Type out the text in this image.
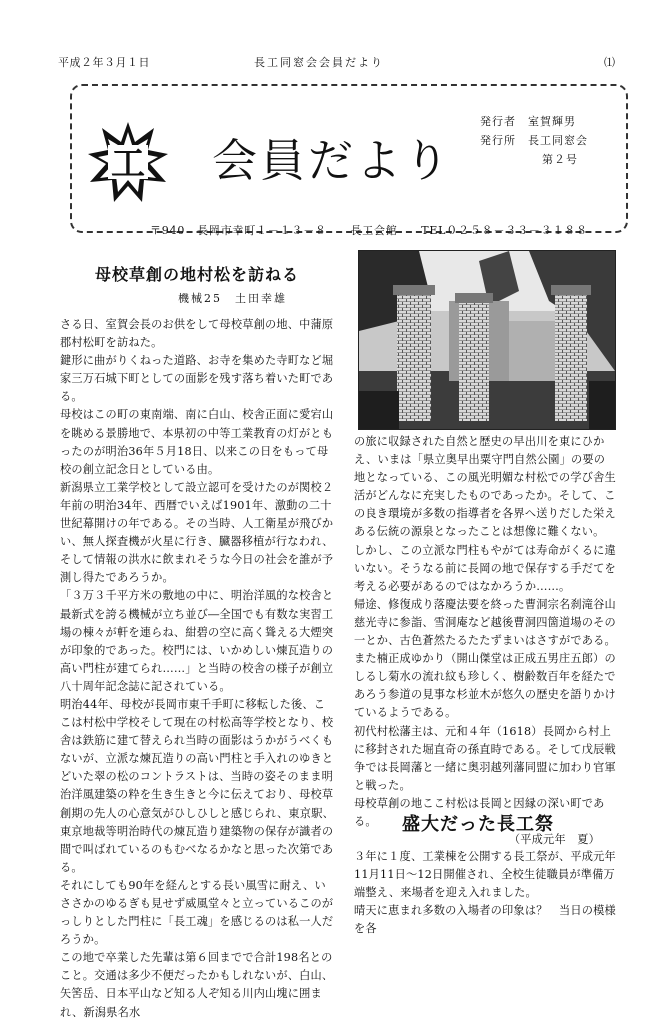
平成２年３月１日	長工同窓会会員だより	⑴
工 会員だより
発行者　室賀輝男
発行所　長工同窓会
第２号
〒940　長岡市幸町１－１３－８　　長工会館　　TEL０２５８－３３－３１８８
母校草創の地村松を訪ねる
機械25　土田幸雄

さる日、室賀会長のお供をして母校草創の地、中蒲原郡村松町を訪ねた。

鍵形に曲がりくねった道路、お寺を集めた寺町など堀家三万石城下町としての面影を残す落ち着いた町である。

母校はこの町の東南端、南に白山、校舎正面に愛宕山を眺める景勝地で、本県初の中等工業教育の灯がともったのが明治36年５月18日、以来この日をもって母校の創立記念日としている由。

新潟県立工業学校として設立認可を受けたのが関校２年前の明治34年、西暦でいえば1901年、激動の二十世紀幕開けの年である。その当時、人工衛星が飛びかい、無人探査機が火星に行き、臓器移植が行なわれ、そして情報の洪水に飲まれそうな今日の社会を誰が予測し得たであろうか。

「３万３千平方米の敷地の中に、明治洋風的な校舎と最新式を誇る機械が立ち並び―全国でも有数な実習工場の棟々が軒を連らね、紺碧の空に高く聳える大煙突が印象的であった。校門には、いかめしい煉瓦造りの高い門柱が建てられ……」と当時の校舎の様子が創立八十周年記念誌に記されている。

明治44年、母校が長岡市東千手町に移転した後、ここは村松中学校そして現在の村松高等学校となり、校舎は鉄筋に建て替えられ当時の面影はうかがうべくもないが、立派な煉瓦造りの高い門柱と手入れのゆきとどいた翠の松のコントラストは、当時の姿そのまま明治洋風建築の粋を生き生きと今に伝えており、母校草創期の先人の心意気がひしひしと感じられ、東京駅、東京地裁等明治時代の煉瓦造り建築物の保存が識者の間で叫ばれているのもむべなるかなと思った次第である。

それにしても90年を経んとする長い風雪に耐え、いささかのゆるぎも見せず威風堂々と立っているこのがっしりとした門柱に「長工魂」を感じるのは私一人だろうか。

この地で卒業した先輩は第６回までで合計198名とのこと。交通は多少不便だったかもしれないが、白山、矢筈岳、日本平山など知る人ぞ知る川内山塊に囲まれ、新潟県名水

の旅に収録された自然と歴史の早出川を東にひかえ、いまは「県立奥早出粟守門自然公園」の要の地となっている、この風光明媚な村松での学び舎生活がどんなに充実したものであったか。そして、この良き環境が多数の指導者を各界へ送りだした栄えある伝統の源泉となったことは想像に難くない。

しかし、この立派な門柱もやがては寿命がくるに違いない。そうなる前に長岡の地で保存する手だてを考える必要があるのではなかろうか……。

帰途、修復成り落慶法要を終った曹洞宗名刹滝谷山慈光寺に参詣、雪洞庵など越後曹洞四箇道場のその一とか、古色蒼然たるたたずまいはさすがである。また楠正成ゆかり（開山傑堂は正成五男庄五郎）のしるし菊水の流れ紋も珍しく、樹齢数百年を経たであろう参道の見事な杉並木が悠久の歴史を語りかけているようである。

初代村松藩主は、元和４年（1618）長岡から村上に移封された堀直奇の孫直時である。そして戊辰戦争では長岡藩と一緒に奥羽越列藩同盟に加わり官軍と戦った。

母校草創の地ここ村松は長岡と因縁の深い町である。

（平成元年　夏）

盛大だった長工祭

３年に１度、工業棟を公開する長工祭が、平成元年11月11日～12日開催され、全校生徒職員が準備万端整え、来場者を迎え入れました。

晴天に恵まれ多数の入場者の印象は？　当日の模様を各
